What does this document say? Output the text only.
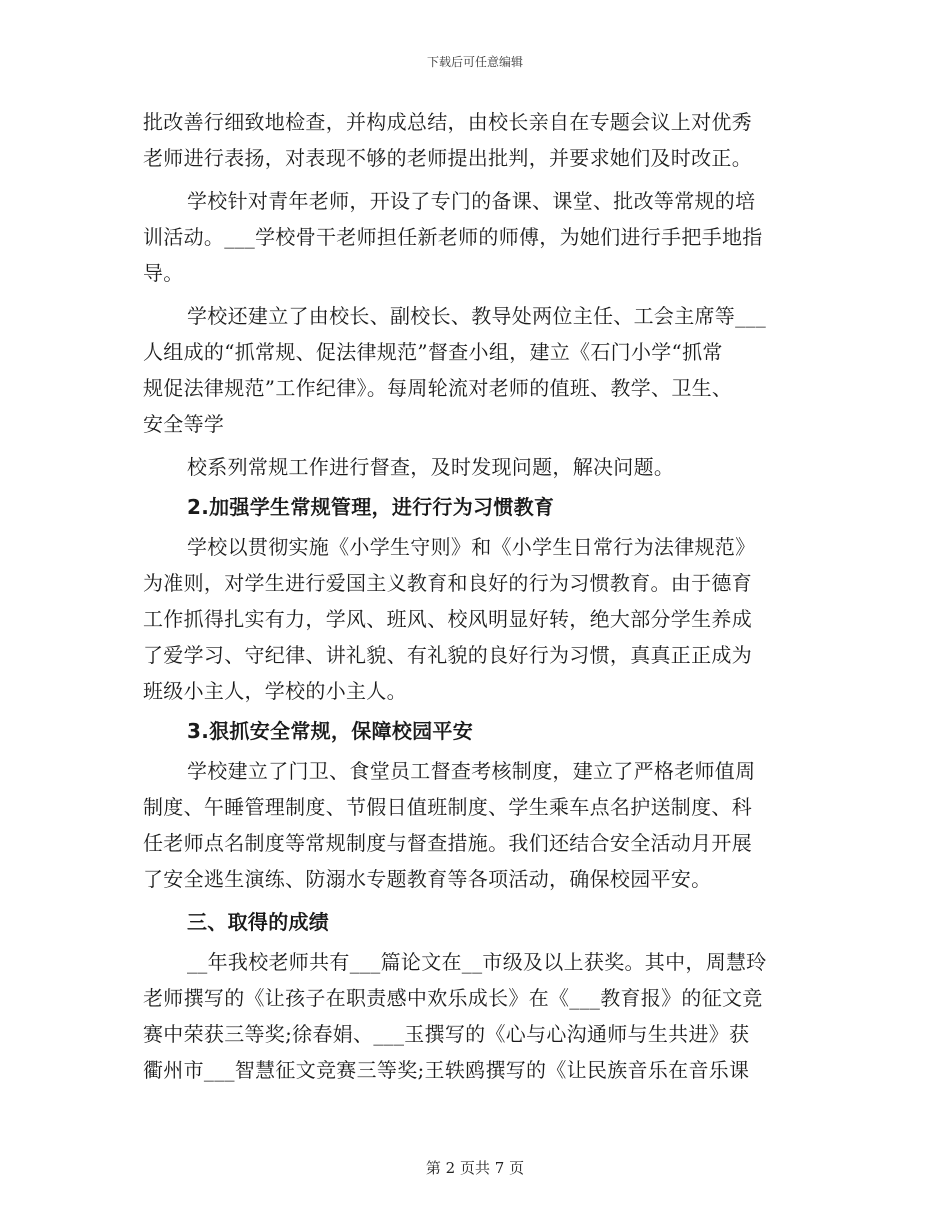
下载后可任意编辑
批改善行细致地检查，并构成总结，由校长亲自在专题会议上对优秀
老师进行表扬，对表现不够的老师提出批判，并要求她们及时改正。
学校针对青年老师，开设了专门的备课、课堂、批改等常规的培
训活动。___学校骨干老师担任新老师的师傅，为她们进行手把手地指
导。
学校还建立了由校长、副校长、教导处两位主任、工会主席等___
人组成的“抓常规、促法律规范”督查小组，建立《石门小学“抓常
规促法律规范”工作纪律》。每周轮流对老师的值班、教学、卫生、
安全等学
校系列常规工作进行督查，及时发现问题，解决问题。
2.加强学生常规管理，进行行为习惯教育
学校以贯彻实施《小学生守则》和《小学生日常行为法律规范》
为准则，对学生进行爱国主义教育和良好的行为习惯教育。由于德育
工作抓得扎实有力，学风、班风、校风明显好转，绝大部分学生养成
了爱学习、守纪律、讲礼貌、有礼貌的良好行为习惯，真真正正成为
班级小主人，学校的小主人。
3.狠抓安全常规，保障校园平安
学校建立了门卫、食堂员工督查考核制度，建立了严格老师值周
制度、午睡管理制度、节假日值班制度、学生乘车点名护送制度、科
任老师点名制度等常规制度与督查措施。我们还结合安全活动月开展
了安全逃生演练、防溺水专题教育等各项活动，确保校园平安。
三、取得的成绩
__年我校老师共有___篇论文在__市级及以上获奖。其中，周慧玲
老师撰写的《让孩子在职责感中欢乐成长》在《___教育报》的征文竞
赛中荣获三等奖;徐春娟、___玉撰写的《心与心沟通师与生共进》获
衢州市___智慧征文竞赛三等奖;王轶鸥撰写的《让民族音乐在音乐课
第 2 页共 7 页
